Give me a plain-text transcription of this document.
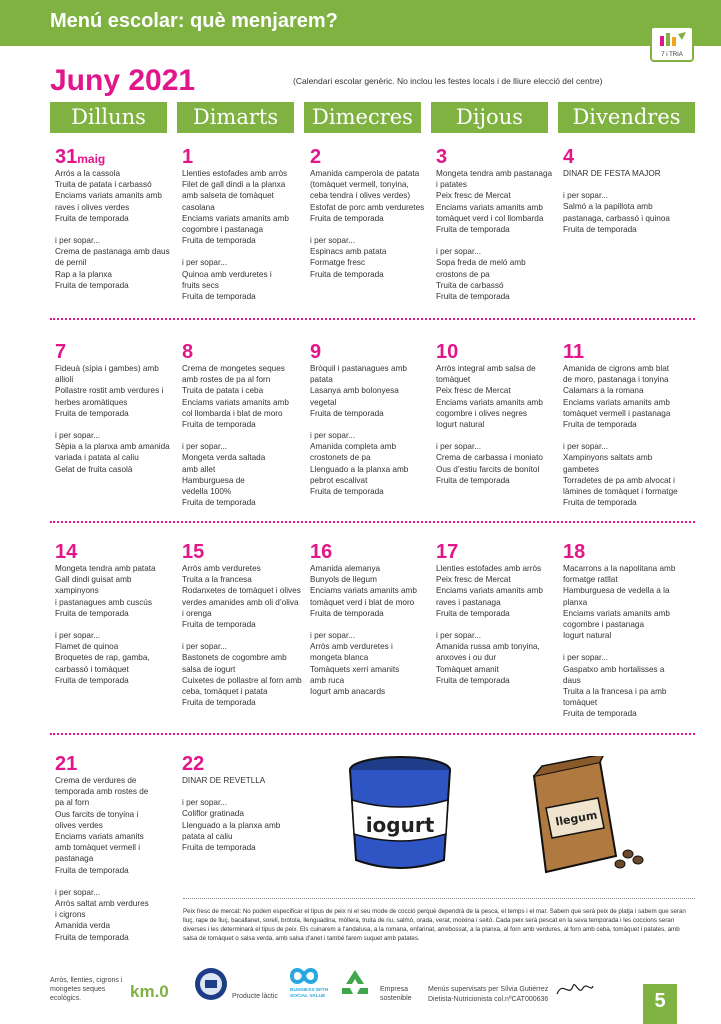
Menú escolar: què menjarem?
7 i TRIA
Juny 2021	(Calendari escolar genèric. No inclou les festes locals i de lliure elecció del centre)
Dilluns	Dimarts	Dimecres	Dijous	Divendres
31maig
Arrós a la cassola
Truita de patata i carbassó
Enciams variats amanits amb
raves i olives verdes
Fruita de temporada
i per sopar...
Crema de pastanaga amb daus
de pernil
Rap a la planxa
Fruita de temporada
1
Llenties estofades amb arròs
Filet de gall dindi a la planxa
amb salseta de tomàquet
casolana
Enciams variats amanits amb
cogombre i pastanaga
Fruita de temporada
i per sopar...
Quinoa amb verduretes i
fruits secs
Fruita de temporada
2
Amanida camperola de patata
(tomàquet vermell, tonyina,
ceba tendra i olives verdes)
Estofat de porc amb verduretes
Fruita de temporada
i per sopar...
Espinacs amb patata
Formatge fresc
Fruita de temporada
3
Mongeta tendra amb pastanaga
i patates
Peix fresc de Mercat
Enciams variats amanits amb
tomàquet verd i col llombarda
Fruita de temporada
i per sopar...
Sopa freda de meló amb
crostons de pa
Truita de carbassó
Fruita de temporada
4
DINAR DE FESTA MAJOR
i per sopar...
Salmó a la papillota amb
pastanaga, carbassó i quinoa
Fruita de temporada
7
Fideuà (sípia i gambes) amb
allioli
Pollastre rostit amb verdures i
herbes aromàtiques
Fruita de temporada
i per sopar...
Sèpia a la planxa amb amanida
variada i patata al caliu
Gelat de fruita casolà
8
Crema de mongetes seques
amb rostes de pa al forn
Truita de patata i ceba
Enciams variats amanits amb
col llombarda i blat de moro
Fruita de temporada
i per sopar...
Mongeta verda saltada
amb allet
Hamburguesa de
vedella 100%
Fruita de temporada
9
Bròquil i pastanagues amb
patata
Lasanya amb bolonyesa
vegetal
Fruita de temporada
i per sopar...
Amanida completa amb
crostonets de pa
Llenguado a la planxa amb
pebrot escalivat
Fruita de temporada
10
Arròs integral amb salsa de
tomàquet
Peix fresc de Mercat
Enciams variats amanits amb
cogombre i olives negres
Iogurt natural
i per sopar...
Crema de carbassa i moniato
Ous d’estiu farcits de bonítol
Fruita de temporada
11
Amanida de cigrons amb blat
de moro, pastanaga i tonyina
Calamars a la romana
Enciams variats amanits amb
tomàquet vermell i pastanaga
Fruita de temporada
i per sopar...
Xampinyons saltats amb
gambetes
Torradetes de pa amb alvocat i
làmines de tomàquet i formatge
Fruita de temporada
14
Mongeta tendra amb patata
Gall dindi guisat amb xampinyons
i pastanagues amb cuscús
Fruita de temporada
i per sopar...
Flamet de quinoa
Broquetes de rap, gamba,
carbassó i tomàquet
Fruita de temporada
15
Arròs amb verduretes
Truita a la francesa
Rodanxetes de tomàquet i olives
verdes amanides amb oli d’oliva
i orenga
Fruita de temporada
i per sopar...
Bastonets de cogombre amb
salsa de iogurt
Cuixetes de pollastre al forn amb
ceba, tomàquet i patata
Fruita de temporada
16
Amanida alemanya
Bunyols de llegum
Enciams variats amanits amb
tomàquet verd i blat de moro
Fruita de temporada
i per sopar...
Arròs amb verduretes i
mongeta blanca
Tomàquets xerri amanits
amb ruca
Iogurt amb anacards
17
Llenties estofades amb arròs
Peix fresc de Mercat
Enciams variats amanits amb
raves i pastanaga
Fruita de temporada
i per sopar...
Amanida russa amb tonyina,
anxoves i ou dur
Tomàquet amanit
Fruita de temporada
18
Macarrons a la napolitana amb
formatge ratllat
Hamburguesa de vedella a la
planxa
Enciams variats amanits amb
cogombre i pastanaga
Iogurt natural
i per sopar...
Gaspatxo amb hortalisses a daus
Truita a la francesa i pa amb
tomàquet
Fruita de temporada
21
Crema de verdures de
temporada amb rostes de
pa al forn
Ous farcits de tonyina i
olives verdes
Enciams variats amanits
amb tomàquet vermell i
pastanaga
Fruita de temporada
i per sopar...
Arròs saltat amb verdures
i cigrons
Amanida verda
Fruita de temporada
22
DINAR DE REVETLLA
i per sopar...
Coliflor gratinada
Llenguado a la planxa amb
patata al caliu
Fruita de temporada
iogurt	llegum
Peix fresc de mercat: No podem especificar el tipus de peix ni el seu mode de cocció perquè dependrà de la pesca, el temps i el mar. Sabem que serà peix de platja i sabem que seran lluç, rape de lluç, bacallanet, sorell, bròtola, llenguadina, mòllera, truita de riu, salmó, orada, verat, moixina i seitó. Cada peix serà pescat en la seva temporada i les coccions seran diverses i les determinarà el tipus de peix. Els cuinarem a l’andalusa, a la romana, enfarinat, arrebossat, a la planxa, al forn amb verdures, al forn amb ceba, tomàquet i patates, amb salsa de tomàquet o salsa verda, amb salsa d’anet i també farem suquet amb patates.
Arròs, llenties, cigrons i mongetes seques ecològics.	km.0	Producte làctic
BUSINESS WITH SOCIAL VALUE
Empresa sostenible
Menús supervisats per Sílvia Gutiérrez
Dietista-Nutricionista col.nºCAT000636	5
